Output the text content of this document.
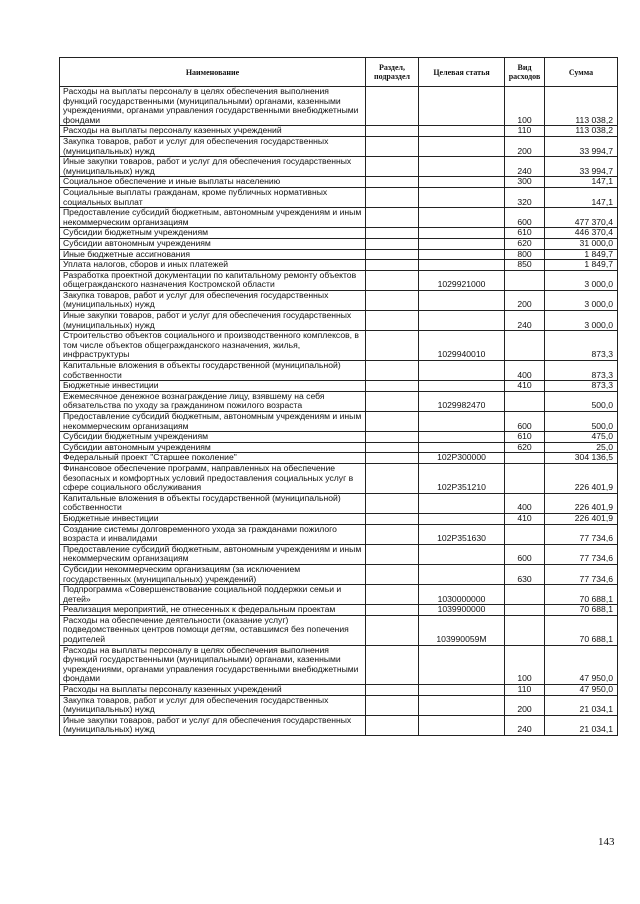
Наименование	Раздел, подраздел	Целевая статья	Вид расходов	Сумма
Расходы на выплаты персоналу в целях обеспечения выполнения функций государственными (муниципальными) органами, казенными учреждениями, органами управления государственными внебюджетными фондами			100	113 038,2
Расходы на выплаты персоналу казенных учреждений			110	113 038,2
Закупка товаров, работ и услуг для обеспечения государственных (муниципальных) нужд			200	33 994,7
Иные закупки товаров, работ и услуг для обеспечения государственных (муниципальных) нужд			240	33 994,7
Социальное обеспечение и иные выплаты населению			300	147,1
Социальные выплаты гражданам, кроме публичных нормативных социальных выплат			320	147,1
Предоставление субсидий бюджетным, автономным учреждениям и иным некоммерческим организациям			600	477 370,4
Субсидии бюджетным учреждениям			610	446 370,4
Субсидии автономным учреждениям			620	31 000,0
Иные бюджетные ассигнования			800	1 849,7
Уплата налогов, сборов и иных платежей			850	1 849,7
Разработка проектной документации по капитальному ремонту объектов общегражданского назначения Костромской области		1029921000		3 000,0
Закупка товаров, работ и услуг для обеспечения государственных (муниципальных) нужд			200	3 000,0
Иные закупки товаров, работ и услуг для обеспечения государственных (муниципальных) нужд			240	3 000,0
Строительство объектов социального и производственного комплексов, в том числе объектов общегражданского назначения, жилья, инфраструктуры		1029940010		873,3
Капитальные вложения в объекты государственной (муниципальной) собственности			400	873,3
Бюджетные инвестиции			410	873,3
Ежемесячное денежное вознаграждение лицу, взявшему на себя обязательства по уходу за гражданином пожилого возраста		1029982470		500,0
Предоставление субсидий бюджетным, автономным учреждениям и иным некоммерческим организациям			600	500,0
Субсидии бюджетным учреждениям			610	475,0
Субсидии автономным учреждениям			620	25,0
Федеральный проект "Старшее поколение"		102P300000		304 136,5
Финансовое обеспечение программ, направленных на обеспечение безопасных и комфортных условий предоставления социальных услуг в сфере социального обслуживания		102P351210		226 401,9
Капитальные вложения в объекты государственной (муниципальной) собственности			400	226 401,9
Бюджетные инвестиции			410	226 401,9
Создание системы долговременного ухода за гражданами пожилого возраста и инвалидами		102P351630		77 734,6
Предоставление субсидий бюджетным, автономным учреждениям и иным некоммерческим организациям			600	77 734,6
Субсидии некоммерческим организациям (за исключением государственных (муниципальных) учреждений)			630	77 734,6
Подпрограмма «Совершенствование социальной поддержки семьи и детей»		1030000000		70 688,1
Реализация мероприятий, не отнесенных к федеральным проектам		1039900000		70 688,1
Расходы на обеспечение деятельности (оказание услуг) подведомственных центров помощи детям, оставшимся без попечения родителей		103990059М		70 688,1
Расходы на выплаты персоналу в целях обеспечения выполнения функций государственными (муниципальными) органами, казенными учреждениями, органами управления государственными внебюджетными фондами			100	47 950,0
Расходы на выплаты персоналу казенных учреждений			110	47 950,0
Закупка товаров, работ и услуг для обеспечения государственных (муниципальных) нужд			200	21 034,1
Иные закупки товаров, работ и услуг для обеспечения государственных (муниципальных) нужд			240	21 034,1
143
